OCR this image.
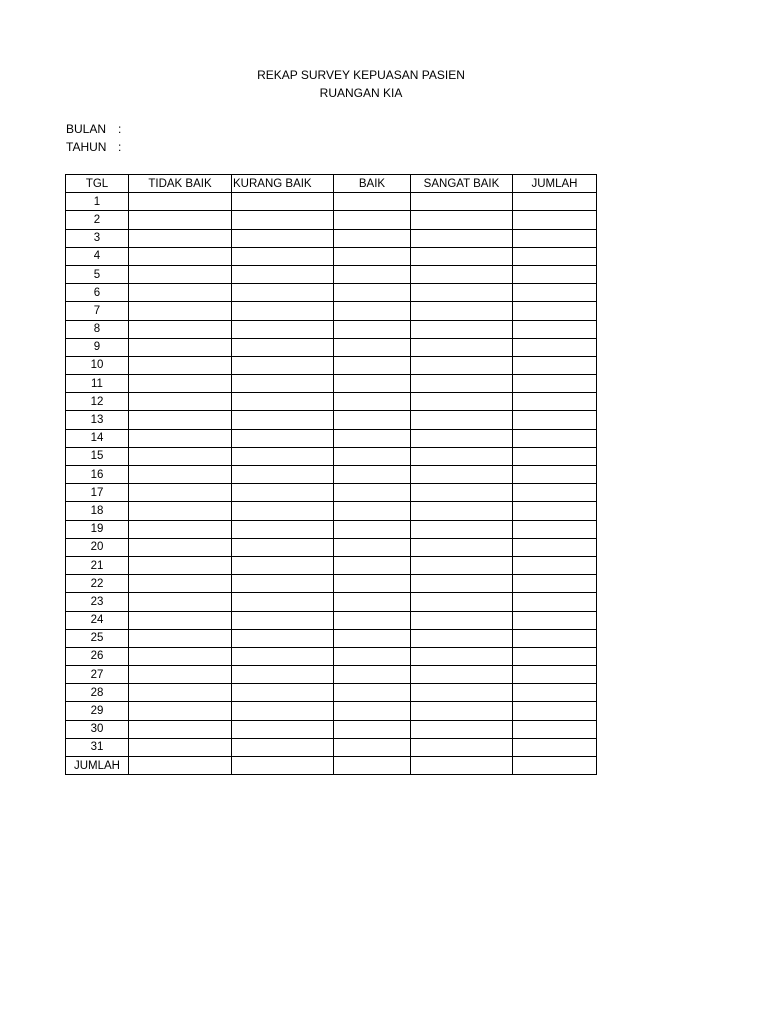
REKAP SURVEY KEPUASAN PASIEN
RUANGAN KIA
BULAN :
TAHUN :
TGL	TIDAK BAIK	KURANG BAIK	BAIK	SANGAT BAIK	JUMLAH
1					
2					
3					
4					
5					
6					
7					
8					
9					
10					
11					
12					
13					
14					
15					
16					
17					
18					
19					
20					
21					
22					
23					
24					
25					
26					
27					
28					
29					
30					
31					
JUMLAH					
